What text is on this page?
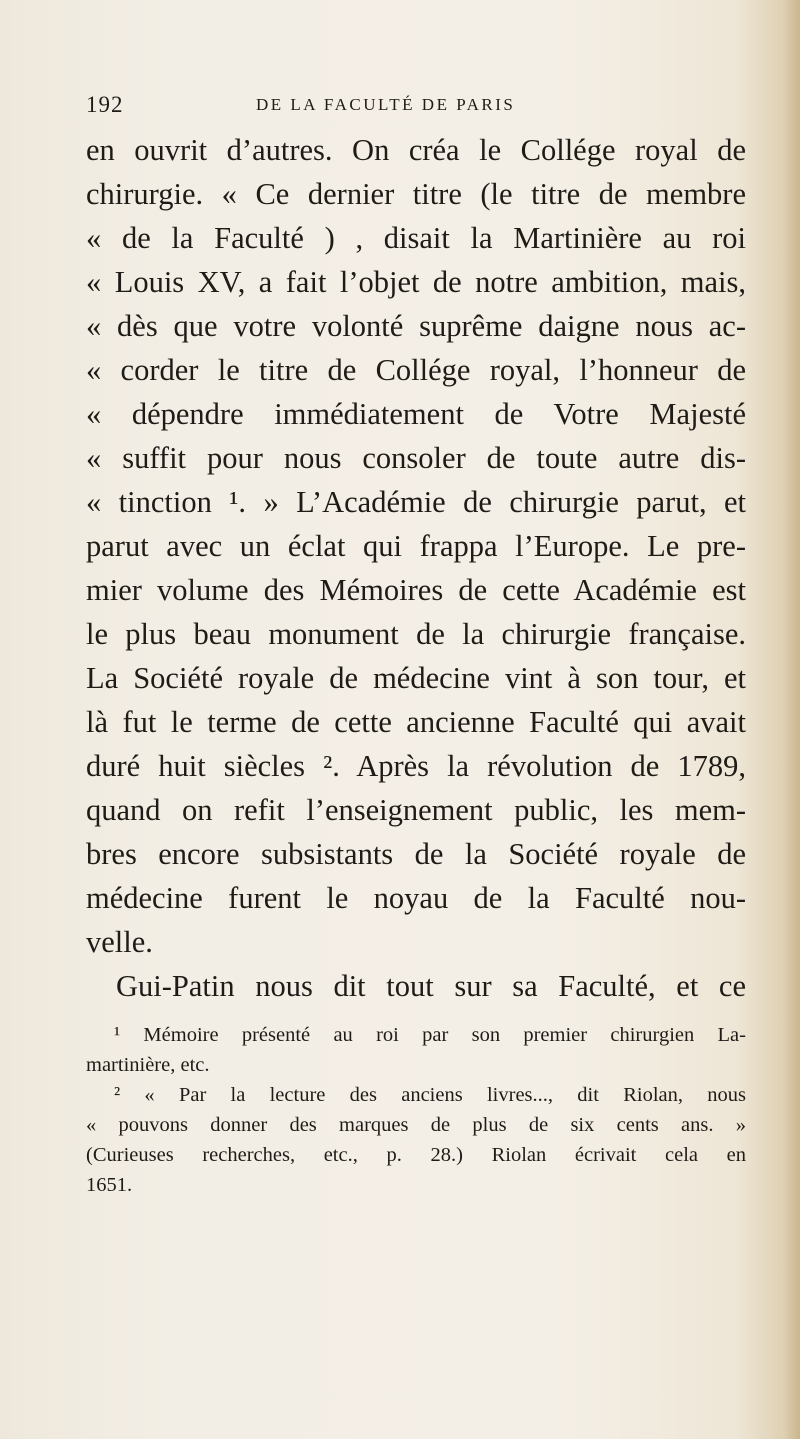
192	DE LA FACULTÉ DE PARIS
en ouvrit d’autres. On créa le Collége royal de
chirurgie. « Ce dernier titre (le titre de membre
« de la Faculté ) , disait la Martinière au roi
« Louis XV, a fait l’objet de notre ambition, mais,
« dès que votre volonté suprême daigne nous ac-
« corder le titre de Collége royal, l’honneur de
« dépendre immédiatement de Votre Majesté
« suffit pour nous consoler de toute autre dis-
« tinction ¹. » L’Académie de chirurgie parut, et
parut avec un éclat qui frappa l’Europe. Le pre-
mier volume des Mémoires de cette Académie est
le plus beau monument de la chirurgie française.
La Société royale de médecine vint à son tour, et
là fut le terme de cette ancienne Faculté qui avait
duré huit siècles ². Après la révolution de 1789,
quand on refit l’enseignement public, les mem-
bres encore subsistants de la Société royale de
médecine furent le noyau de la Faculté nou-
velle.
Gui-Patin nous dit tout sur sa Faculté, et ce
¹ Mémoire présenté au roi par son premier chirurgien La-
martinière, etc.
² « Par la lecture des anciens livres..., dit Riolan, nous
« pouvons donner des marques de plus de six cents ans. »
(Curieuses recherches, etc., p. 28.) Riolan écrivait cela en
1651.
